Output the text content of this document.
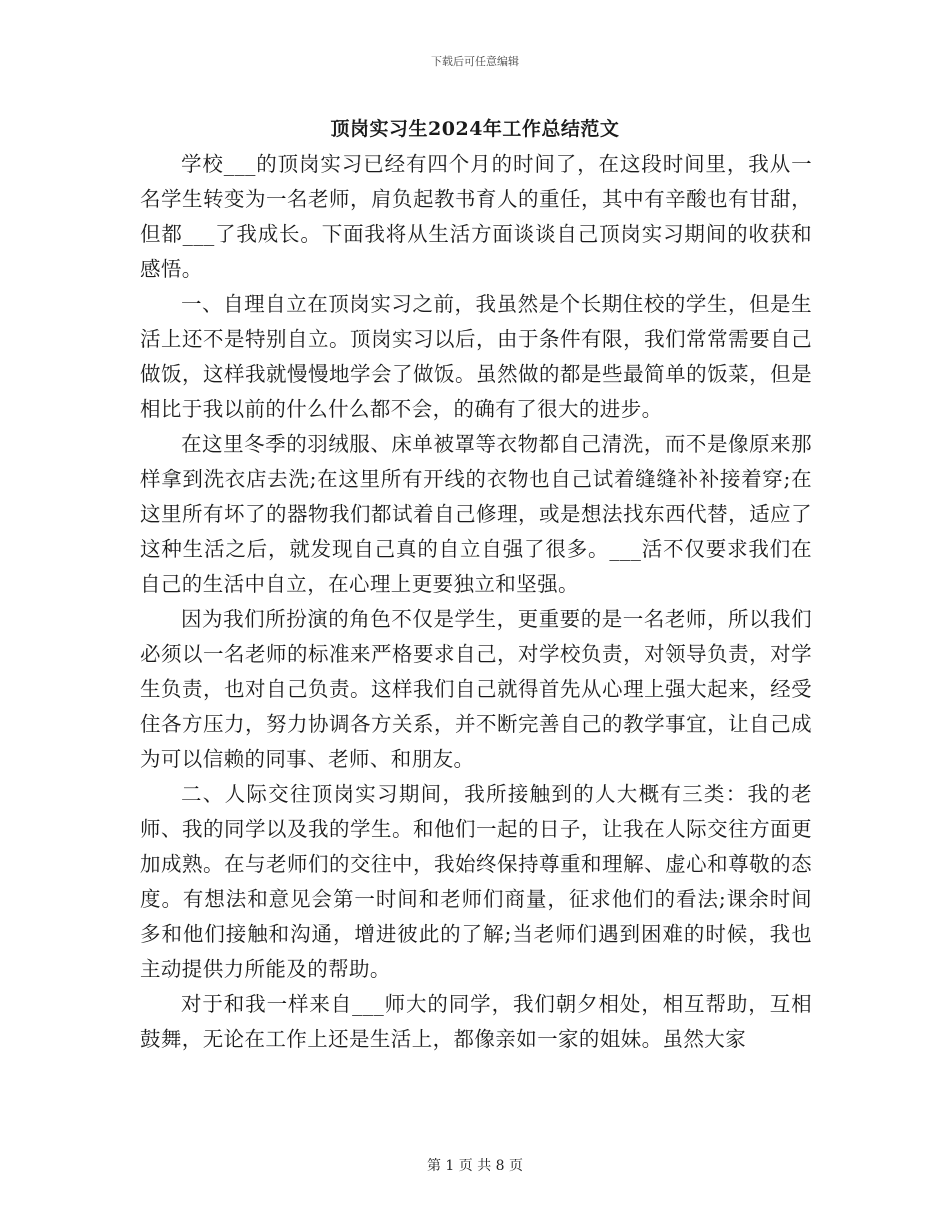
下载后可任意编辑
顶岗实习生2024年工作总结范文

学校___的顶岗实习已经有四个月的时间了，在这段时间里，我从一名学生转变为一名老师，肩负起教书育人的重任，其中有辛酸也有甘甜，但都___了我成长。下面我将从生活方面谈谈自己顶岗实习期间的收获和感悟。

一、自理自立在顶岗实习之前，我虽然是个长期住校的学生，但是生活上还不是特别自立。顶岗实习以后，由于条件有限，我们常常需要自己做饭，这样我就慢慢地学会了做饭。虽然做的都是些最简单的饭菜，但是相比于我以前的什么什么都不会，的确有了很大的进步。

在这里冬季的羽绒服、床单被罩等衣物都自己清洗，而不是像原来那样拿到洗衣店去洗;在这里所有开线的衣物也自己试着缝缝补补接着穿;在这里所有坏了的器物我们都试着自己修理，或是想法找东西代替，适应了这种生活之后，就发现自己真的自立自强了很多。___活不仅要求我们在自己的生活中自立，在心理上更要独立和坚强。

因为我们所扮演的角色不仅是学生，更重要的是一名老师，所以我们必须以一名老师的标准来严格要求自己，对学校负责，对领导负责，对学生负责，也对自己负责。这样我们自己就得首先从心理上强大起来，经受住各方压力，努力协调各方关系，并不断完善自己的教学事宜，让自己成为可以信赖的同事、老师、和朋友。

二、人际交往顶岗实习期间，我所接触到的人大概有三类：我的老师、我的同学以及我的学生。和他们一起的日子，让我在人际交往方面更加成熟。在与老师们的交往中，我始终保持尊重和理解、虚心和尊敬的态度。有想法和意见会第一时间和老师们商量，征求他们的看法;课余时间多和他们接触和沟通，增进彼此的了解;当老师们遇到困难的时候，我也主动提供力所能及的帮助。

对于和我一样来自___师大的同学，我们朝夕相处，相互帮助，互相鼓舞，无论在工作上还是生活上，都像亲如一家的姐妹。虽然大家

第 1 页 共 8 页
